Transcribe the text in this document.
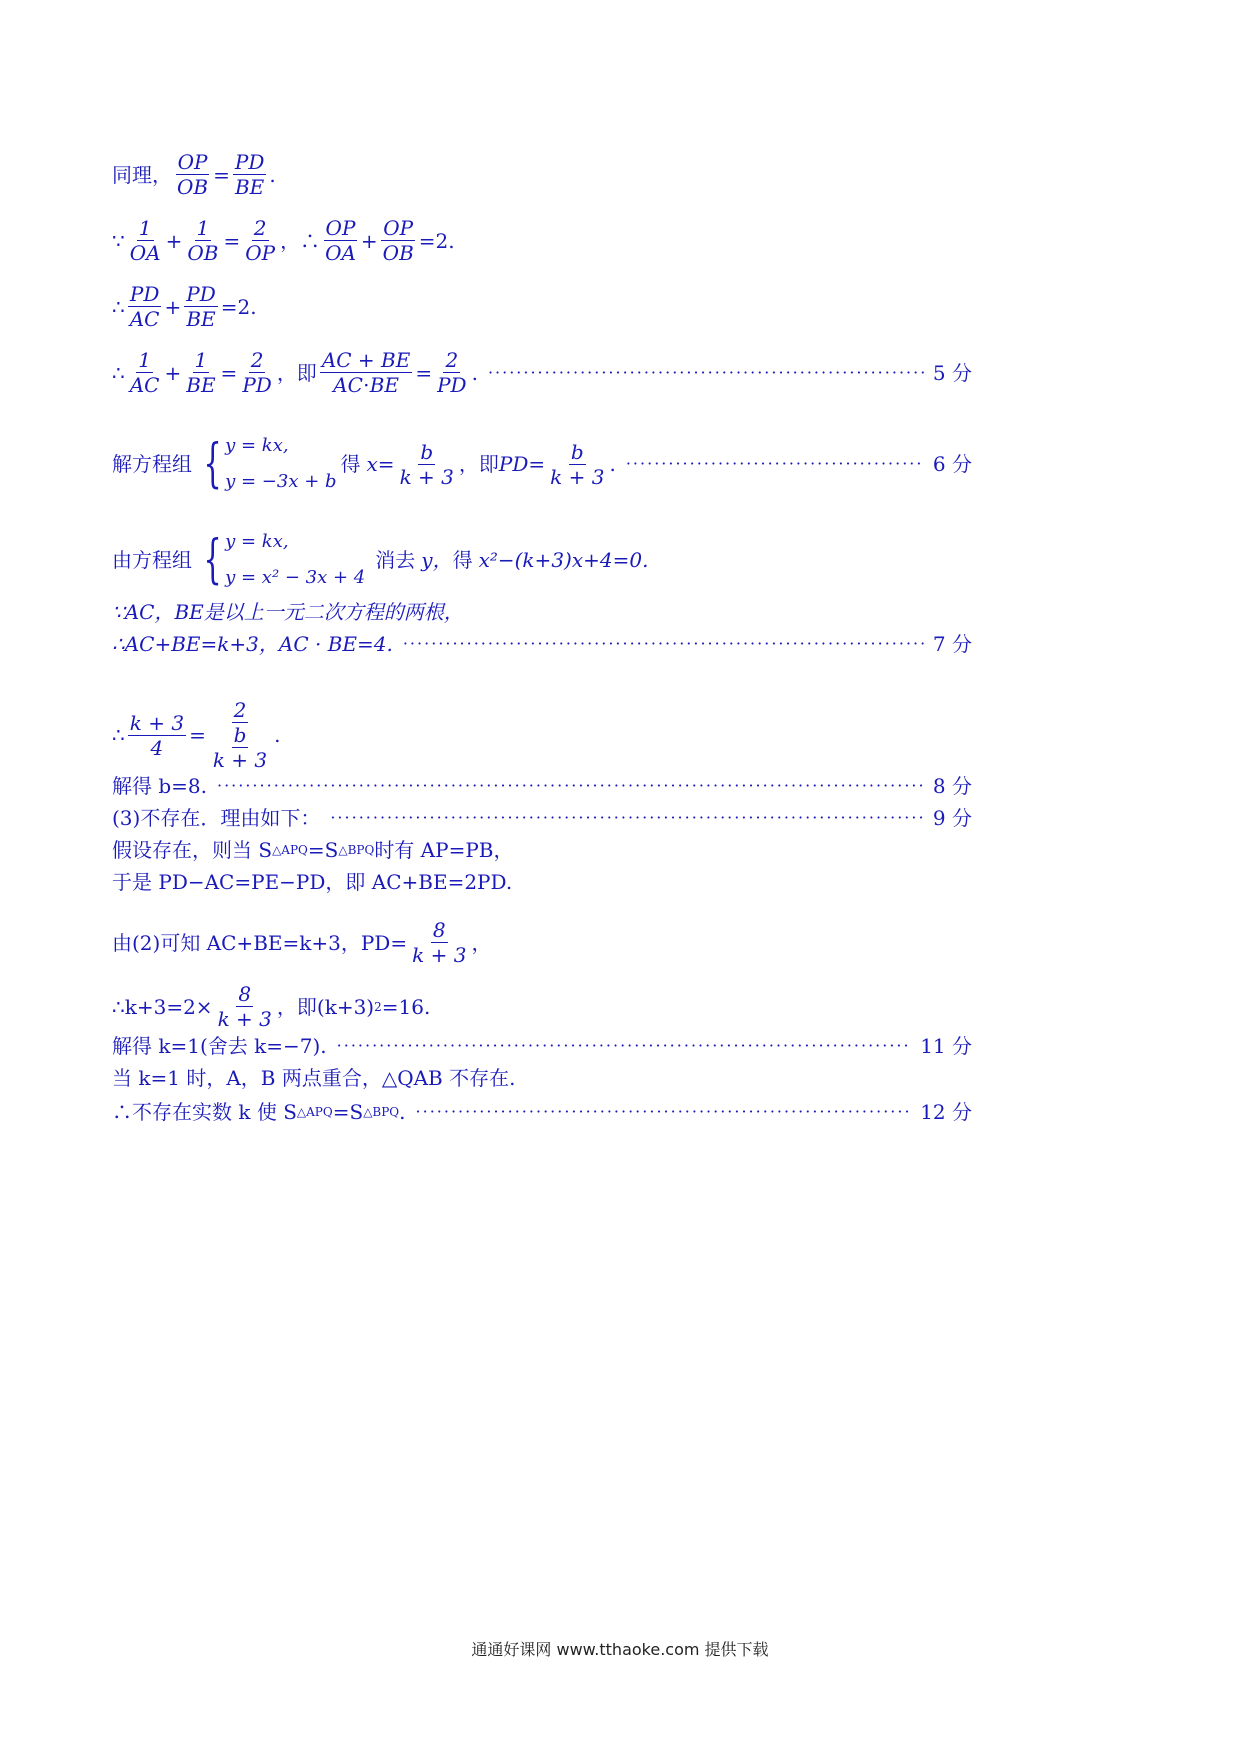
同理， $\frac{OP}{OB} = \frac{PD}{BE}$ .
∵ $\frac{1}{OA} + \frac{1}{OB} = \frac{2}{OP}$ ，∴ $\frac{OP}{OA} + \frac{OP}{OB} =2$.
∴ $\frac{PD}{AC} + \frac{PD}{BE} =2$.
∴ $\frac{1}{AC} + \frac{1}{BE} = \frac{2}{PD}$ ，即 $\frac{AC + BE}{AC\cdot BE} = \frac{2}{PD}$ . ·····	5 分
解方程组 { y = kx,
y = −3x + b
得 $x= \frac{b}{k + 3}$ ，即 $PD= \frac{b}{k + 3}$ . ·····	6 分
由方程组 { y = kx,
y = x² − 3x + 4
消去 y， 得 x²−(k+3)x+4=0.
∵AC，BE是以上一元二次方程的两根，
∴AC+BE=k+3，AC · BE=4. ·····	7 分
∴ $\frac{k + 3}{4} = \frac{2}{\frac{b}{k + 3}}$ .
解得 b=8. ·····	8 分
(3)不存在．理由如下： ·····	9 分
假设存在，则当 S △APQ =S △BPQ 时有 AP=PB，
于是 PD−AC=PE−PD，即 AC+BE=2PD.
由(2)可知 AC+BE=k+3，$PD= \frac{8}{k + 3}$ ，
∴k+3=2× $\frac{8}{k + 3}$ ，即(k+3) 2 =16.
解得 k=1(舍去 k=−7). ·····	11 分
当 k=1 时，A，B 两点重合，△QAB 不存在.
∴不存在实数 k 使 S △APQ =S △BPQ . ·····	12 分
通通好课网 www.tthaoke.com 提供下载
